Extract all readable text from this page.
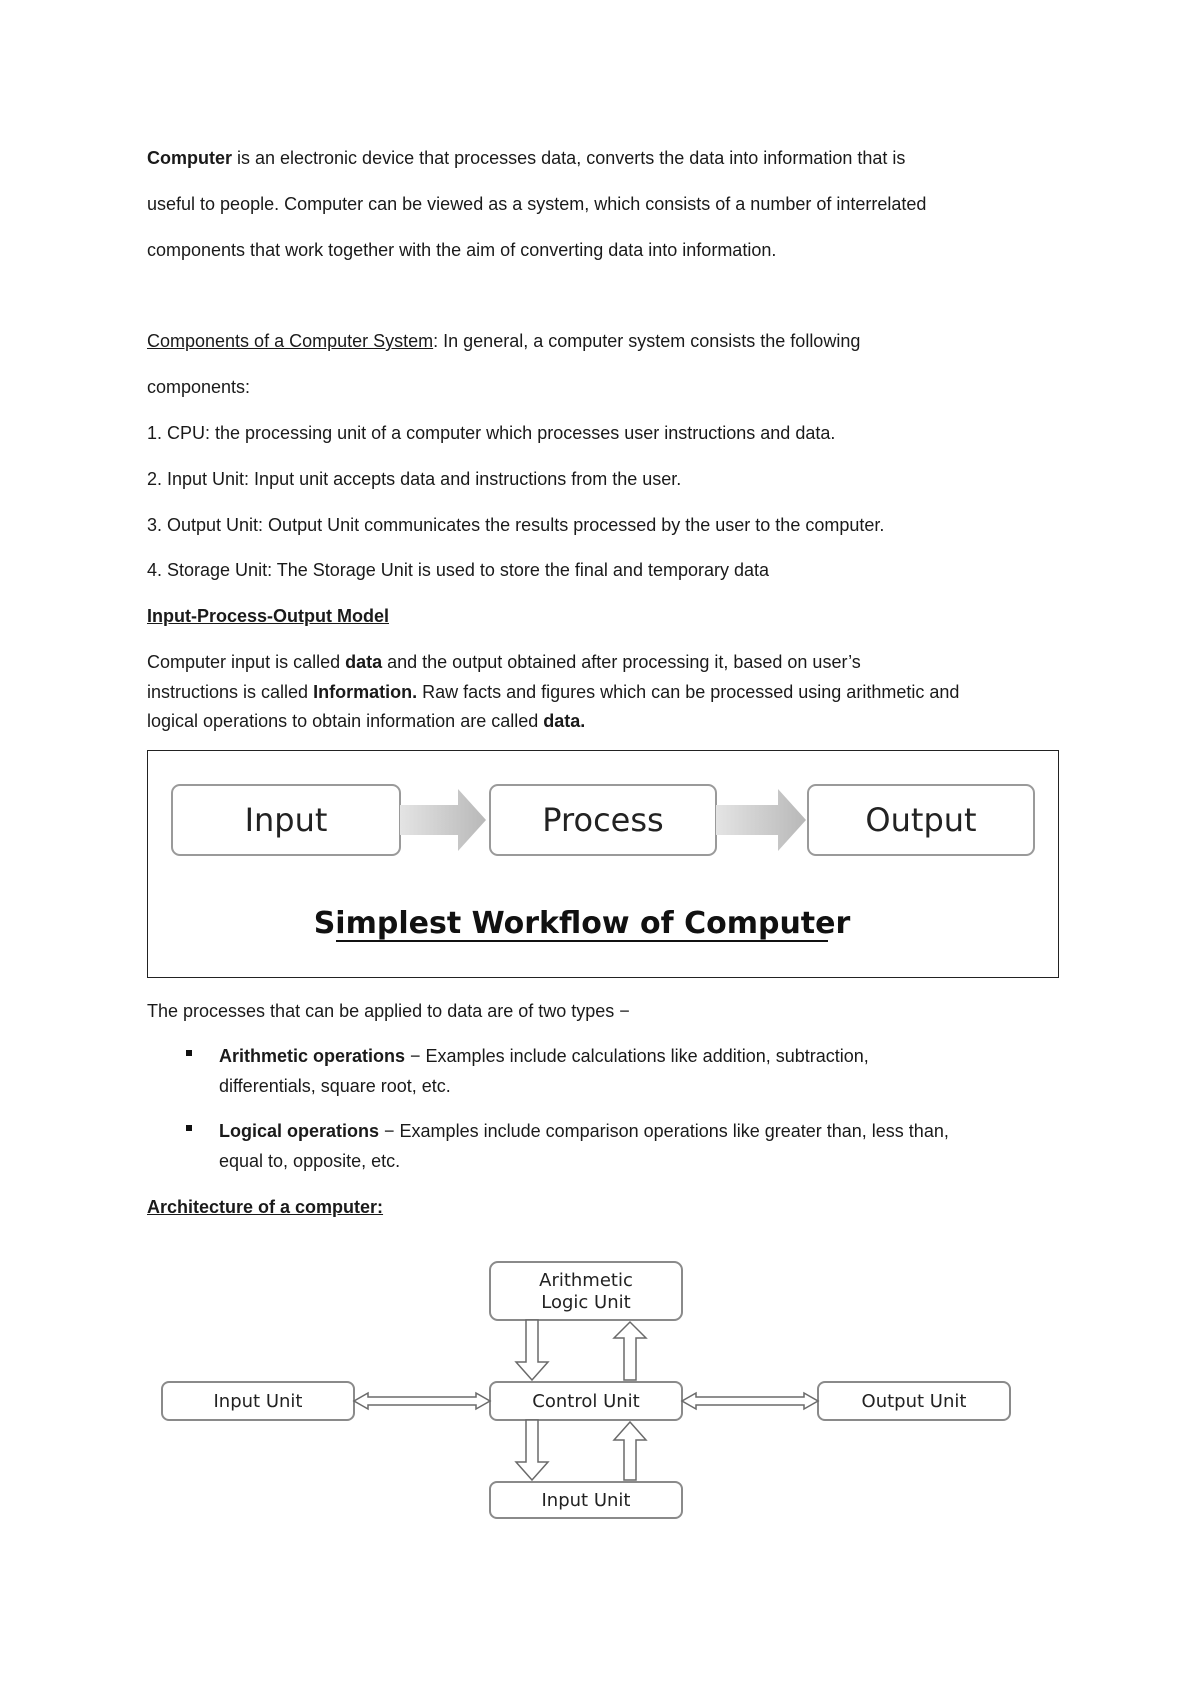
Computer is an electronic device that processes data, converts the data into information that is
useful to people. Computer can be viewed as a system, which consists of a number of interrelated
components that work together with the aim of converting data into information.
Components of a Computer System: In general, a computer system consists the following
components:
1. CPU: the processing unit of a computer which processes user instructions and data.
2. Input Unit: Input unit accepts data and instructions from the user.
3. Output Unit: Output Unit communicates the results processed by the user to the computer.
4. Storage Unit: The Storage Unit is used to store the final and temporary data
Input-Process-Output Model
Computer input is called data and the output obtained after processing it, based on user’s
instructions is called Information. Raw facts and figures which can be processed using arithmetic and
logical operations to obtain information are called data.
Input	Process	Output
Simplest Workflow of Computer
The processes that can be applied to data are of two types −
Arithmetic operations − Examples include calculations like addition, subtraction,
differentials, square root, etc.
Logical operations − Examples include comparison operations like greater than, less than,
equal to, opposite, etc.
Architecture of a computer:
Arithmetic
Logic Unit
Input Unit	Control Unit	Output Unit
Input Unit
